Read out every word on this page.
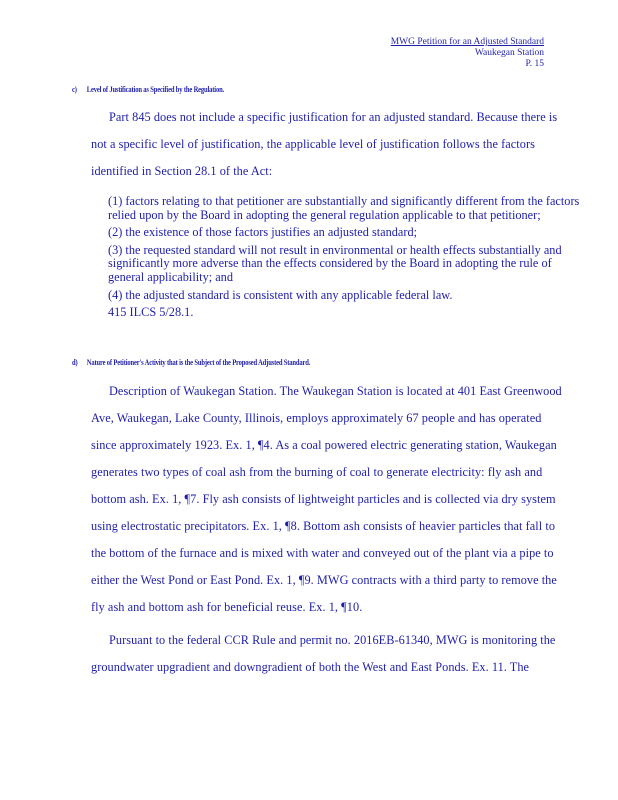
MWG Petition for an Adjusted Standard
Waukegan Station
P. 15
c) Level of Justification as Specified by the Regulation.
Part 845 does not include a specific justification for an adjusted standard. Because there is
not a specific level of justification, the applicable level of justification follows the factors
identified in Section 28.1 of the Act:

(1) factors relating to that petitioner are substantially and significantly different from the factors relied upon by the Board in adopting the general regulation applicable to that petitioner;

(2) the existence of those factors justifies an adjusted standard;

(3) the requested standard will not result in environmental or health effects substantially and significantly more adverse than the effects considered by the Board in adopting the rule of general applicability; and

(4) the adjusted standard is consistent with any applicable federal law.

415 ILCS 5/28.1.

d) Nature of Petitioner's Activity that is the Subject of the Proposed Adjusted Standard.
Description of Waukegan Station. The Waukegan Station is located at 401 East Greenwood
Ave, Waukegan, Lake County, Illinois, employs approximately 67 people and has operated
since approximately 1923. Ex. 1, ¶4. As a coal powered electric generating station, Waukegan
generates two types of coal ash from the burning of coal to generate electricity: fly ash and
bottom ash. Ex. 1, ¶7. Fly ash consists of lightweight particles and is collected via dry system
using electrostatic precipitators. Ex. 1, ¶8. Bottom ash consists of heavier particles that fall to
the bottom of the furnace and is mixed with water and conveyed out of the plant via a pipe to
either the West Pond or East Pond. Ex. 1, ¶9. MWG contracts with a third party to remove the
fly ash and bottom ash for beneficial reuse. Ex. 1, ¶10.
Pursuant to the federal CCR Rule and permit no. 2016EB-61340, MWG is monitoring the
groundwater upgradient and downgradient of both the West and East Ponds. Ex. 11. The
